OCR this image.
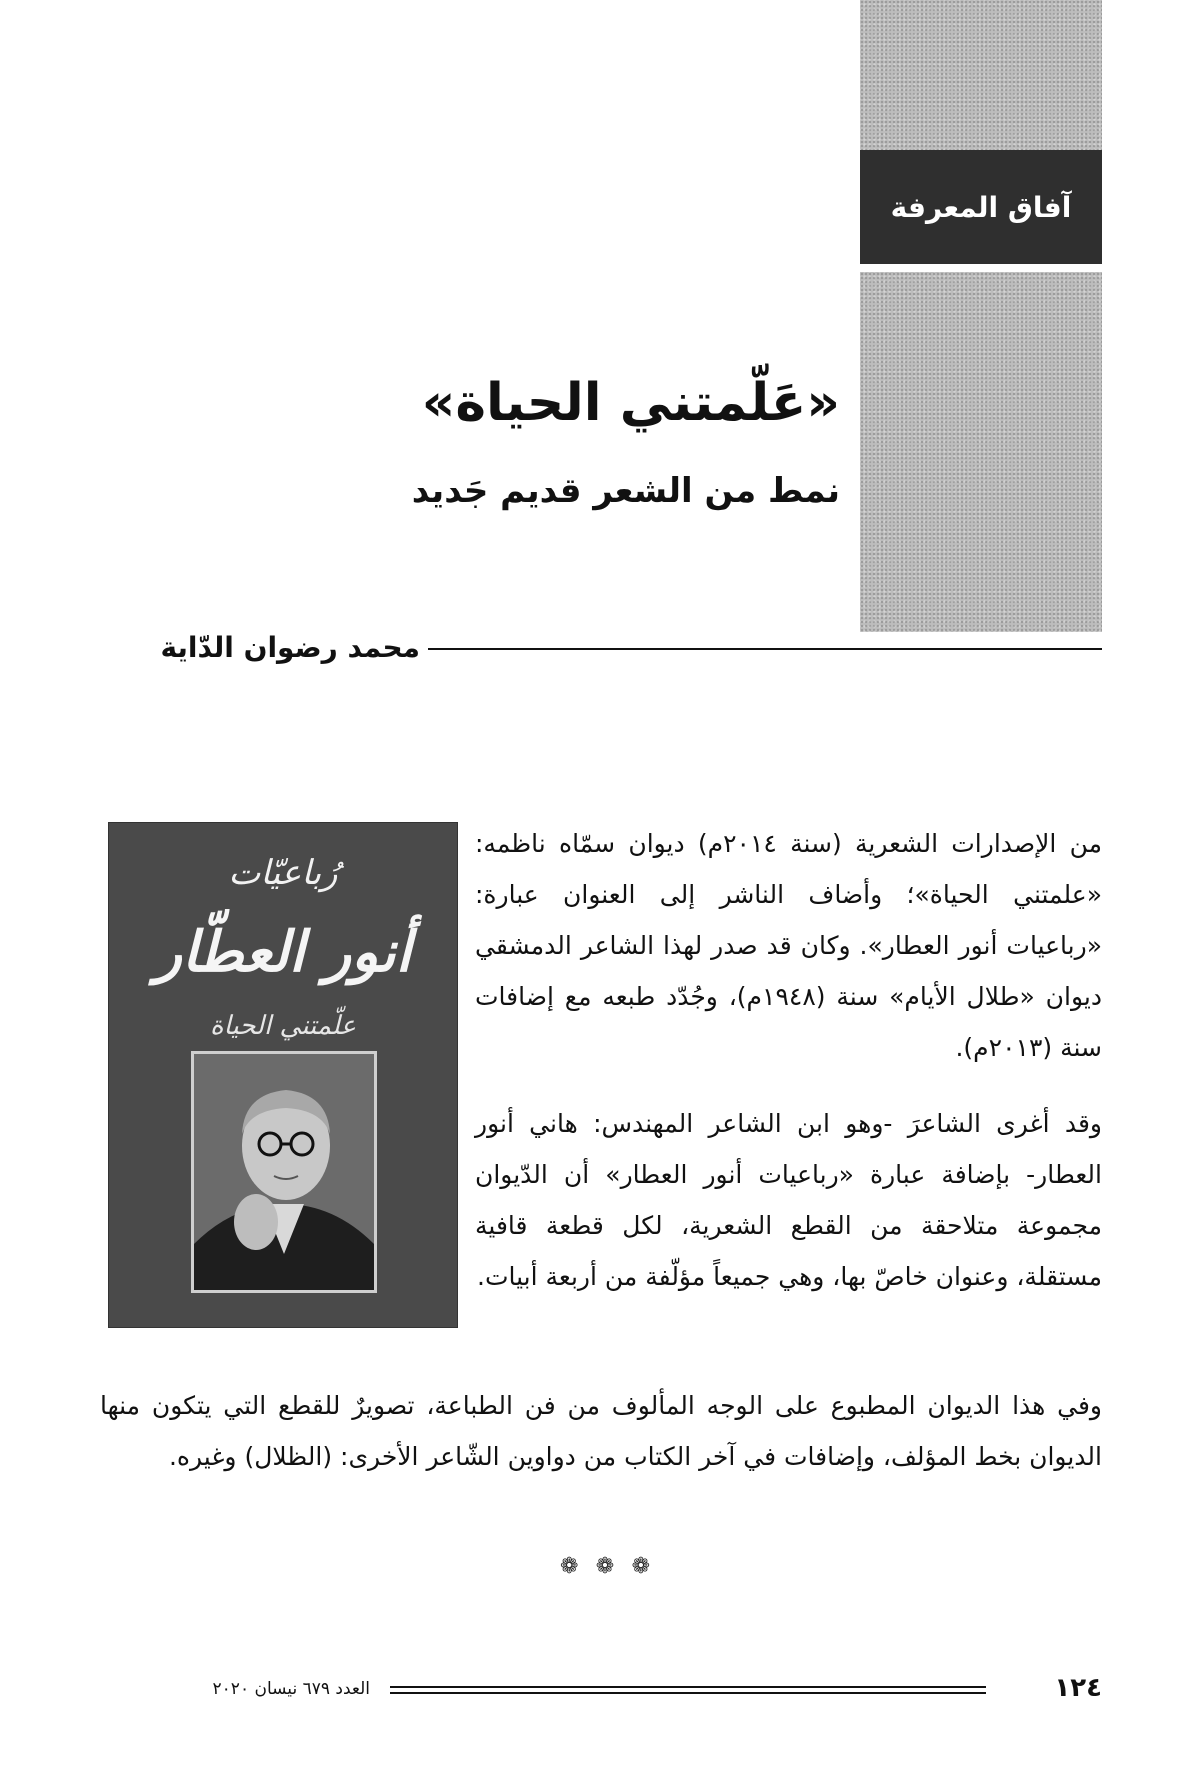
آفاق المعرفة
«عَلّمتني الحياة»
نمط من الشعر قديم جَديد
محمد رضوان الدّاية
رُباعيّات
أنور العطّار
علّمتني الحياة

من الإصدارات الشعرية (سنة ٢٠١٤م) ديوان سمّاه ناظمه: «علمتني الحياة»؛ وأضاف الناشر إلى العنوان عبارة: «رباعيات أنور العطار». وكان قد صدر لهذا الشاعر الدمشقي ديوان «طلال الأيام» سنة (١٩٤٨م)، وجُدّد طبعه مع إضافات سنة (٢٠١٣م).

وقد أغرى الشاعرَ -وهو ابن الشاعر المهندس: هاني أنور العطار- بإضافة عبارة «رباعيات أنور العطار» أن الدّيوان مجموعة متلاحقة من القطع الشعرية، لكل قطعة قافية مستقلة، وعنوان خاصّ بها، وهي جميعاً مؤلّفة من أربعة أبيات.

وفي هذا الديوان المطبوع على الوجه المألوف من فن الطباعة، تصويرٌ للقطع التي يتكون منها الديوان بخط المؤلف، وإضافات في آخر الكتاب من دواوين الشّاعر الأخرى: (الظلال) وغيره.

❁ ❁ ❁
١٢٤
العدد ٦٧٩ نيسان ٢٠٢٠
